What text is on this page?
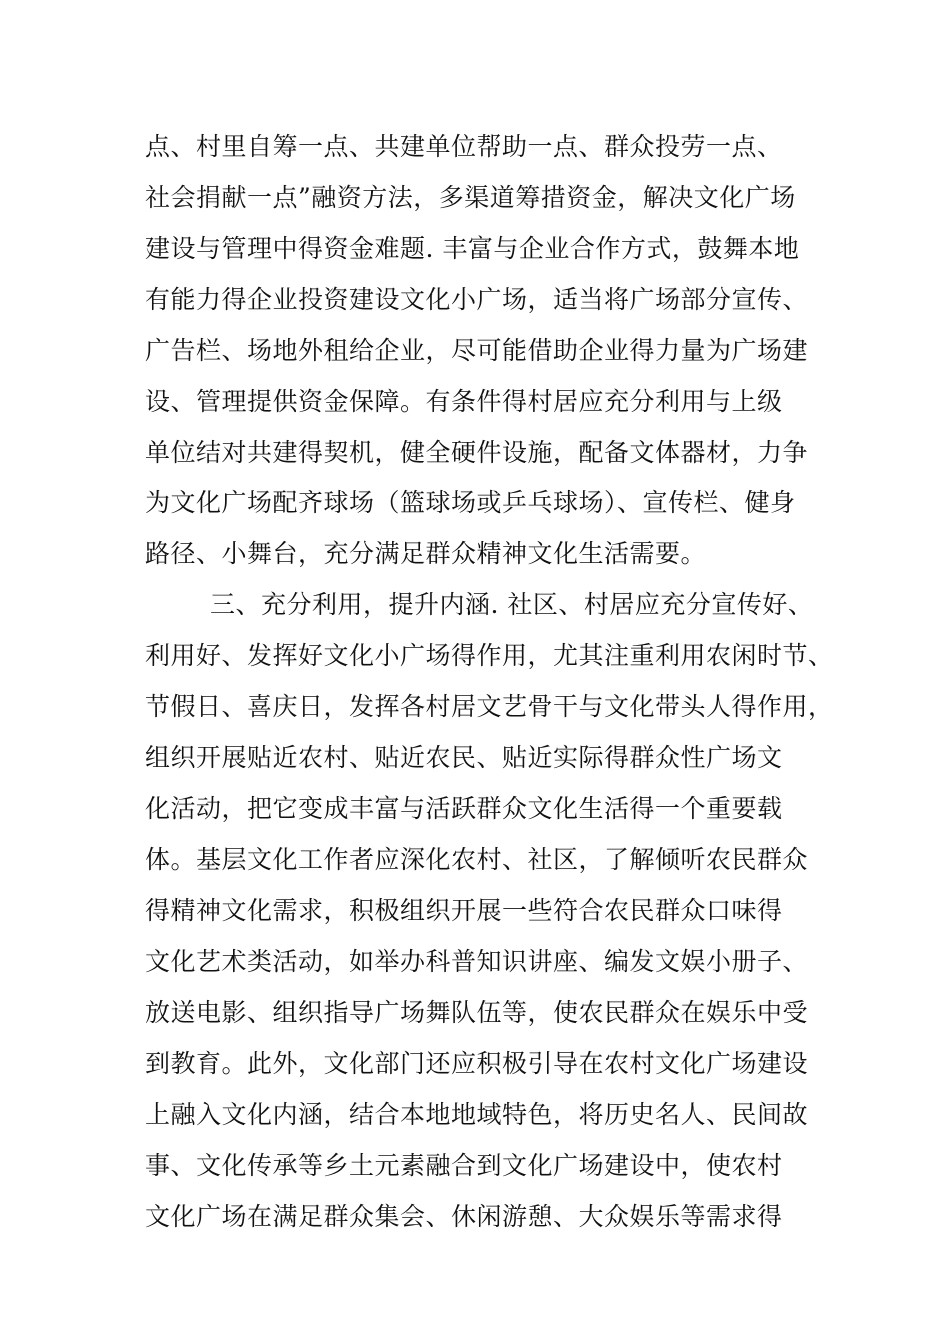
点、村里自筹一点、共建单位帮助一点、群众投劳一点、
社会捐献一点”融资方法，多渠道筹措资金，解决文化广场
建设与管理中得资金难题. 丰富与企业合作方式，鼓舞本地
有能力得企业投资建设文化小广场，适当将广场部分宣传、
广告栏、场地外租给企业，尽可能借助企业得力量为广场建
设、管理提供资金保障。有条件得村居应充分利用与上级
单位结对共建得契机，健全硬件设施，配备文体器材，力争
为文化广场配齐球场（篮球场或乒乓球场）、宣传栏、健身
路径、小舞台，充分满足群众精神文化生活需要。
三、充分利用，提升内涵. 社区、村居应充分宣传好、
利用好、发挥好文化小广场得作用，尤其注重利用农闲时节、
节假日、喜庆日，发挥各村居文艺骨干与文化带头人得作用，
组织开展贴近农村、贴近农民、贴近实际得群众性广场文
化活动，把它变成丰富与活跃群众文化生活得一个重要载
体。基层文化工作者应深化农村、社区，了解倾听农民群众
得精神文化需求，积极组织开展一些符合农民群众口味得
文化艺术类活动，如举办科普知识讲座、编发文娱小册子、
放送电影、组织指导广场舞队伍等，使农民群众在娱乐中受
到教育。此外，文化部门还应积极引导在农村文化广场建设
上融入文化内涵，结合本地地域特色，将历史名人、民间故
事、文化传承等乡土元素融合到文化广场建设中，使农村
文化广场在满足群众集会、休闲游憩、大众娱乐等需求得
